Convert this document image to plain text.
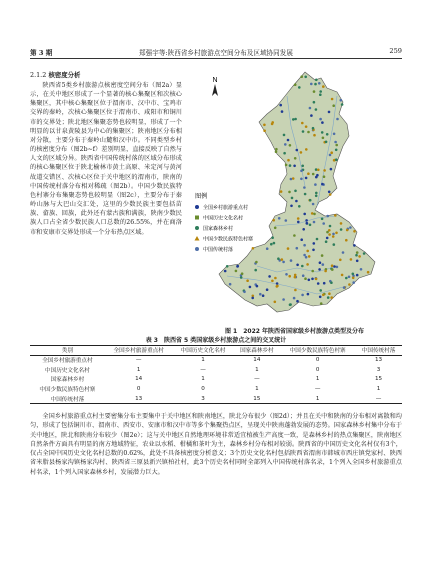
第 3 期	郑强宇等:陕西省乡村旅游点空间分布及区域协同发展	259
2.1.2 核密度分析

陕西省5类乡村旅游点核密度空间分布（图2a）显示，在关中地区形成了一个显著的核心集聚区和次核心集聚区，其中核心集聚区位于渭南市、汉中市、宝鸡市交界的秦岭，次核心集聚区位于渭南市、咸阳市和铜川市的交界处；陕北地区集聚态势也较明显，形成了一个明显的以甘泉黄陵县为中心的集聚区；陕南地区分布相对分散，主要分布于秦岭山麓和汉中市。不同类型乡村的核密度分布（图2b~f）差别明显，直接反映了自然与人文的区域分异。陕西省中国传统村落的区域分布形成的核心集聚区位于陕北榆林市黄土高原、米定河与黄河故道交错区、次核心区位于关中地区的渭南市，陕南的中国传统村落分布相对稀疏（图2b）。中国少数民族特色村寨分布集聚态势也较明显（图2c），主要分布于秦岭山脉与大巴山交汇处，这里的少数民族主要包括苗族、畲族、回族，此外还有蒙古族和满族，陕南少数民族人口占全省少数民族人口总数的26.55%，并在商洛市和安康市交界处形成一个分布热点区域。

N
图例
全国乡村旅游重点村
中国历史文化名村
国家森林乡村
中国少数民族特色村寨
中国传统村落
图 1　2022 年陕西省国家级乡村旅游点类型及分布
表 3　陕西省 5 类国家级乡村旅游点之间的交叉统计
类别	全国乡村旅游重点村	中国历史文化名村	国家森林乡村	中国少数民族特色村寨	中国传统村落
全国乡村旅游重点村	—	1	14	0	13
中国历史文化名村	1	—	1	0	3
国家森林乡村	14	1	—	1	15
中国少数民族特色村寨	0	0	1	—	1
中国传统村落	13	3	15	1	—

全国乡村旅游重点村主要密集分布主要集中于关中地区和陕南地区，陕北分布很少（图2d）；并且在关中和陕南的分布相对离散和均匀，形成了包括铜川市、渭南市、西安市、安康市和汉中市等多个集聚热点区，呈现关中陕南蓬勃发展的态势。国家森林乡村集中分布于关中地区，陕北和陕南分布较少（图2e）；这与关中地区自然地理环境非常适宜植被生产高度一致，是森林乡村的热点集聚区，陕南地区自然条件方面具有明显的南方地域特征，农业以水稻、柑橘和茶叶为主，森林乡村分布相对较弱。陕西省的中国历史文化名村仅有3个，仅占全国中国历史文化名村总数的0.62%，此处不具备核密度分析意义；3个历史文化名村包括陕西省渭南市韩城市西庄镇党家村、陕西省米脂县杨家沟镇杨家沟村、陕西省三原县新兴镇柏社村，此3个历史名村同时全部列入中国传统村落名录，1个列入全国乡村旅游重点村名录，1个列入国家森林乡村，发展潜力巨大。
